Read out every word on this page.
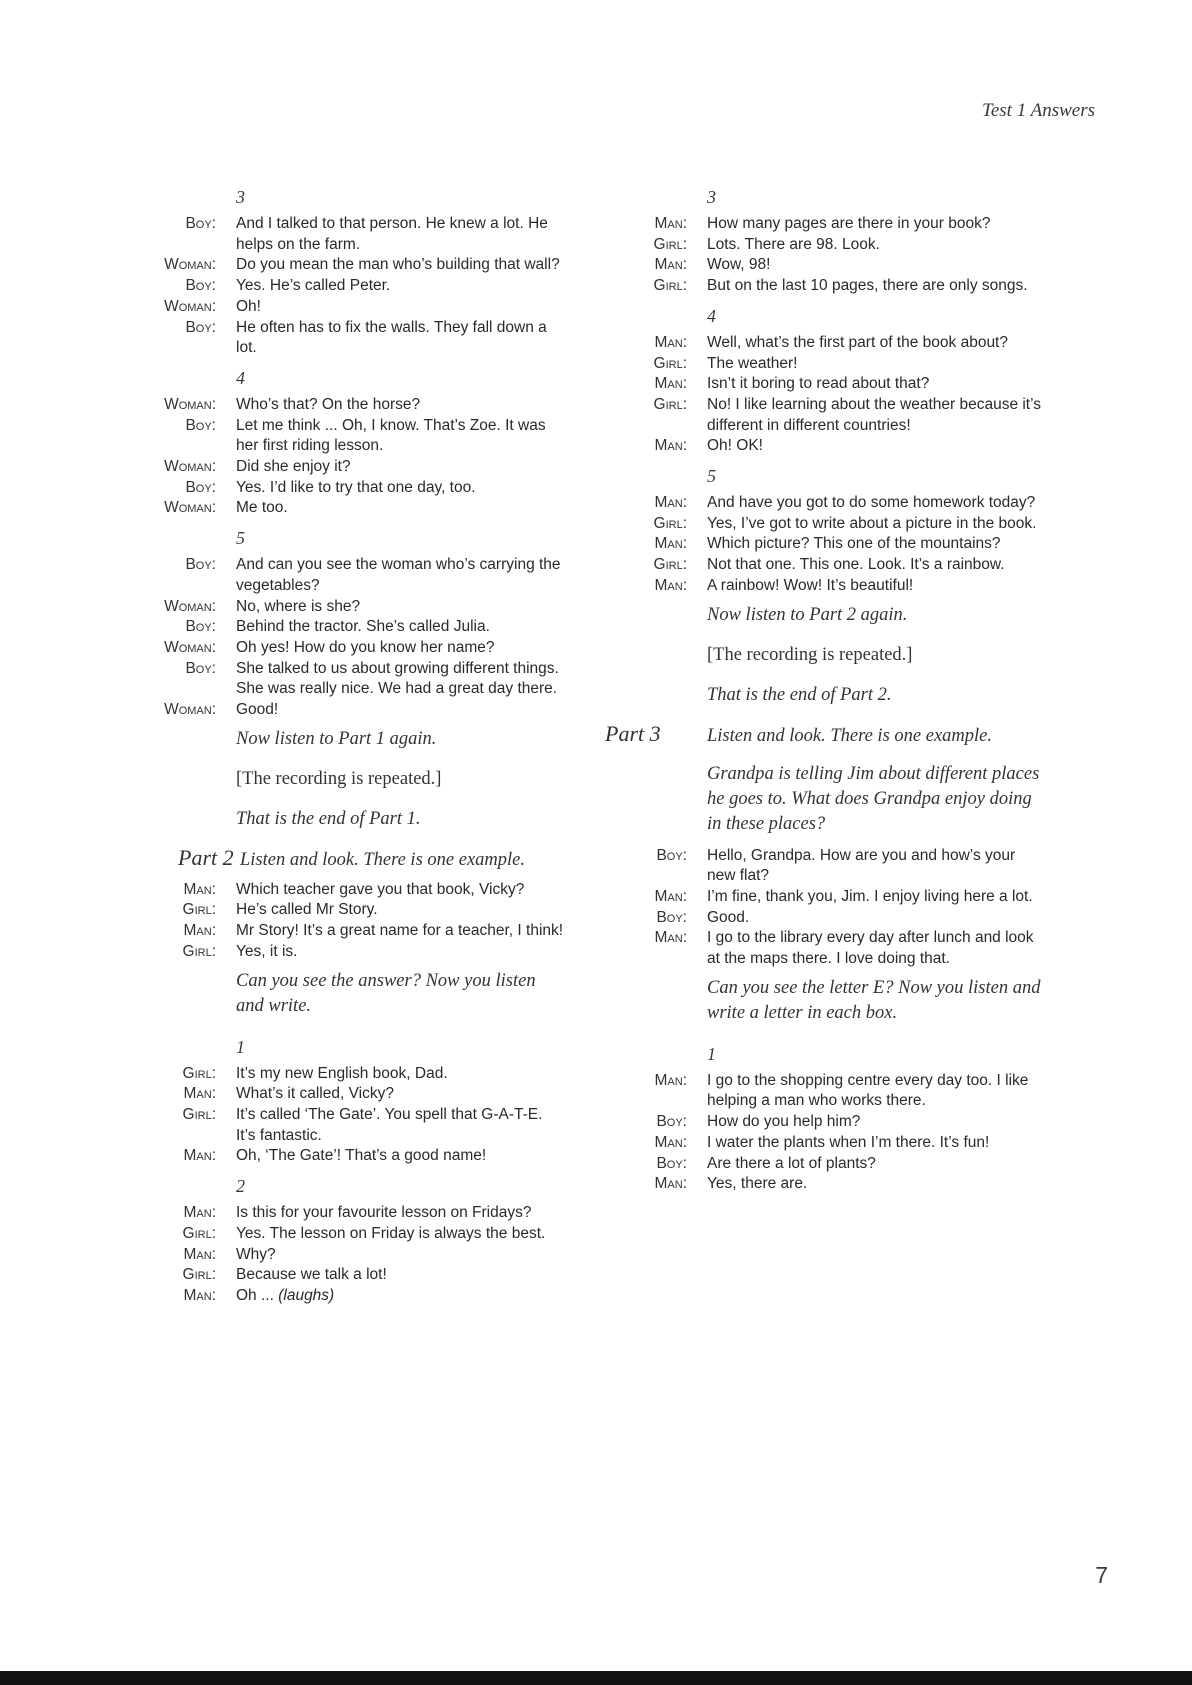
Test 1 Answers
3
Boy:	And I talked to that person. He knew a lot. He helps on the farm.
Woman:	Do you mean the man who’s building that wall?
Boy:	Yes. He’s called Peter.
Woman:	Oh!
Boy:	He often has to fix the walls. They fall down a lot.
4
Woman:	Who’s that? On the horse?
Boy:	Let me think ... Oh, I know. That’s Zoe. It was her first riding lesson.
Woman:	Did she enjoy it?
Boy:	Yes. I’d like to try that one day, too.
Woman:	Me too.
5
Boy:	And can you see the woman who’s carrying the vegetables?
Woman:	No, where is she?
Boy:	Behind the tractor. She’s called Julia.
Woman:	Oh yes! How do you know her name?
Boy:	She talked to us about growing different things. She was really nice. We had a great day there.
Woman:	Good!
Now listen to Part 1 again.
[The recording is repeated.]
That is the end of Part 1.
Part 2 Listen and look. There is one example.
Man:	Which teacher gave you that book, Vicky?
Girl:	He’s called Mr Story.
Man:	Mr Story! It’s a great name for a teacher, I think!
Girl:	Yes, it is.
Can you see the answer? Now you listen and write.
1
Girl:	It’s my new English book, Dad.
Man:	What’s it called, Vicky?
Girl:	It’s called ‘The Gate’. You spell that G-A-T-E. It’s fantastic.
Man:	Oh, ‘The Gate’! That’s a good name!
2
Man:	Is this for your favourite lesson on Fridays?
Girl:	Yes. The lesson on Friday is always the best.
Man:	Why?
Girl:	Because we talk a lot!
Man:	Oh ... (laughs)
3
Man:	How many pages are there in your book?
Girl:	Lots. There are 98. Look.
Man:	Wow, 98!
Girl:	But on the last 10 pages, there are only songs.
4
Man:	Well, what’s the first part of the book about?
Girl:	The weather!
Man:	Isn’t it boring to read about that?
Girl:	No! I like learning about the weather because it’s different in different countries!
Man:	Oh! OK!
5
Man:	And have you got to do some homework today?
Girl:	Yes, I’ve got to write about a picture in the book.
Man:	Which picture? This one of the mountains?
Girl:	Not that one. This one. Look. It’s a rainbow.
Man:	A rainbow! Wow! It’s beautiful!
Now listen to Part 2 again.
[The recording is repeated.]
That is the end of Part 2.
Part 3	Listen and look. There is one example.
Grandpa is telling Jim about different places he goes to. What does Grandpa enjoy doing in these places?
Boy:	Hello, Grandpa. How are you and how’s your new flat?
Man:	I’m fine, thank you, Jim. I enjoy living here a lot.
Boy:	Good.
Man:	I go to the library every day after lunch and look at the maps there. I love doing that.
Can you see the letter E? Now you listen and write a letter in each box.
1
Man:	I go to the shopping centre every day too. I like helping a man who works there.
Boy:	How do you help him?
Man:	I water the plants when I’m there. It’s fun!
Boy:	Are there a lot of plants?
Man:	Yes, there are.
7
